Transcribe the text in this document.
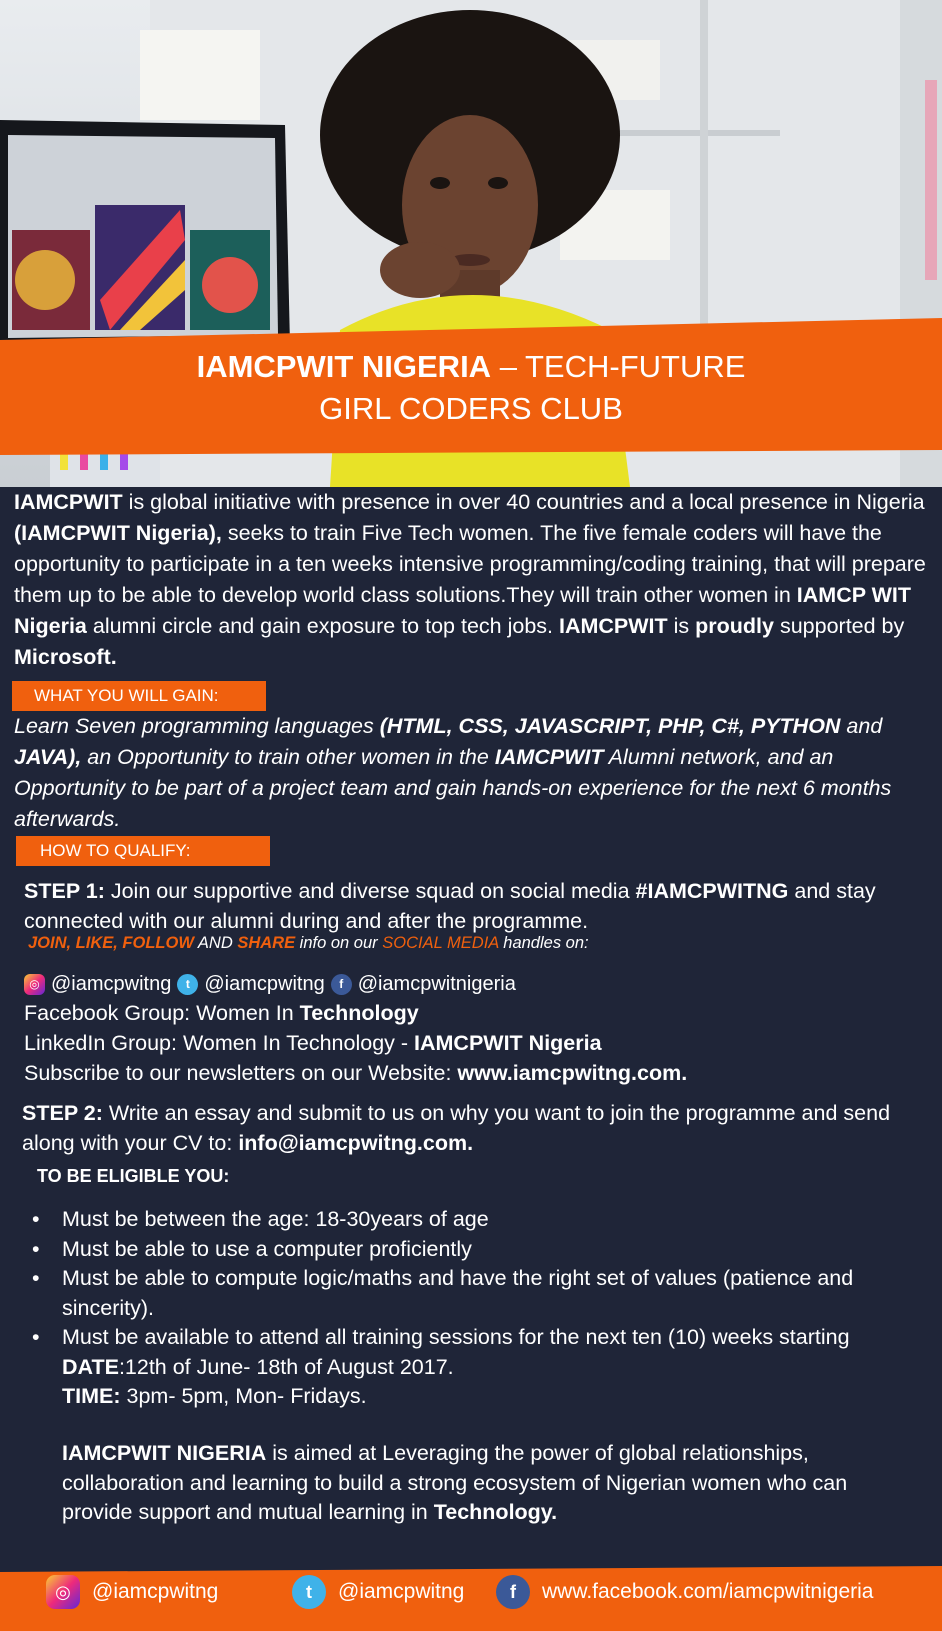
IAMCPWIT NIGERIA – TECH-FUTURE
GIRL CODERS CLUB
IAMCPWIT is global initiative with presence in over 40 countries and a local presence in Nigeria (IAMCPWIT Nigeria), seeks to train Five Tech women. The five female coders will have the opportunity to participate in a ten weeks intensive programming/coding training, that will prepare them up to be able to develop world class solutions.They will train other women in IAMCP WIT Nigeria alumni circle and gain exposure to top tech jobs. IAMCPWIT is proudly supported by Microsoft.
WHAT YOU WILL GAIN:
Learn Seven programming languages (HTML, CSS, JAVASCRIPT, PHP, C#, PYTHON and JAVA), an Opportunity to train other women in the IAMCPWIT Alumni network, and an Opportunity to be part of a project team and gain hands-on experience for the next 6 months afterwards.
HOW TO QUALIFY:
STEP 1: Join our supportive and diverse squad on social media #IAMCPWITNG and stay connected with our alumni during and after the programme.
JOIN, LIKE, FOLLOW AND SHARE info on our SOCIAL MEDIA handles on:
◎ @iamcpwitng	t @iamcpwitng	f @iamcpwitnigeria
Facebook Group: Women In Technology
LinkedIn Group: Women In Technology - IAMCPWIT Nigeria
Subscribe to our newsletters on our Website: www.iamcpwitng.com.
STEP 2: Write an essay and submit to us on why you want to join the programme and send along with your CV to: info@iamcpwitng.com.
TO BE ELIGIBLE YOU:
• Must be between the age: 18-30years of age
• Must be able to use a computer proficiently
• Must be able to compute logic/maths and have the right set of values (patience and sincerity).
• Must be available to attend all training sessions for the next ten (10) weeks starting
DATE:12th of June- 18th of August 2017.
TIME: 3pm- 5pm, Mon- Fridays.
IAMCPWIT NIGERIA is aimed at Leveraging the power of global relationships, collaboration and learning to build a strong ecosystem of Nigerian women who can provide support and mutual learning in Technology.
◎	@iamcpwitng	t	@iamcpwitng	f	www.facebook.com/iamcpwitnigeria
